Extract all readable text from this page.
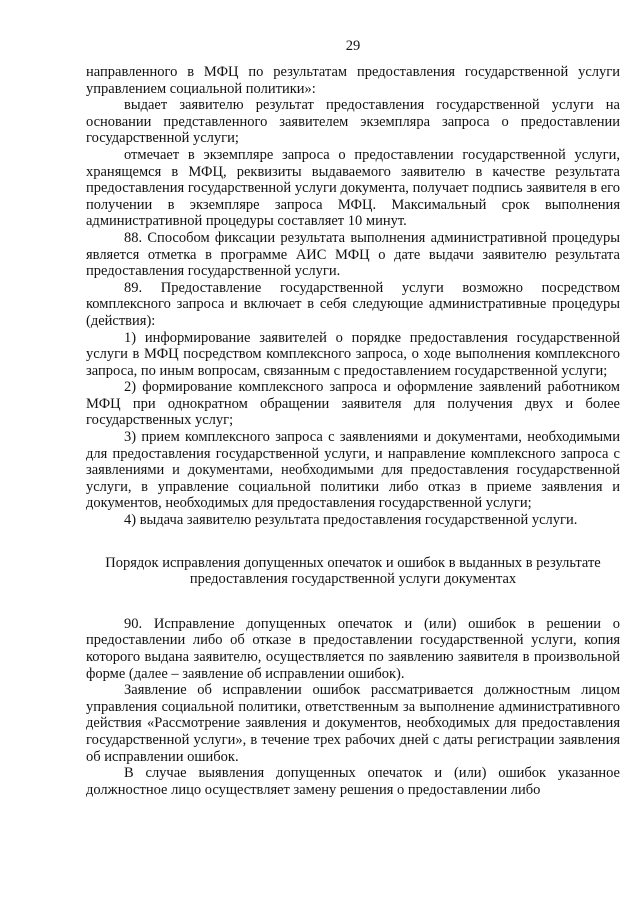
29

направленного в МФЦ по результатам предоставления государственной услуги управлением социальной политики»:

выдает заявителю результат предоставления государственной услуги на основании представленного заявителем экземпляра запроса о предоставлении государственной услуги;

отмечает в экземпляре запроса о предоставлении государственной услуги, хранящемся в МФЦ, реквизиты выдаваемого заявителю в качестве результата предоставления государственной услуги документа, получает подпись заявителя в его получении в экземпляре запроса МФЦ. Максимальный срок выполнения административной процедуры составляет 10 минут.

88. Способом фиксации результата выполнения административной процедуры является отметка в программе АИС МФЦ о дате выдачи заявителю результата предоставления государственной услуги.

89. Предоставление государственной услуги возможно посредством комплексного запроса и включает в себя следующие административные процедуры (действия):

1) информирование заявителей о порядке предоставления государственной услуги в МФЦ посредством комплексного запроса, о ходе выполнения комплексного запроса, по иным вопросам, связанным с предоставлением государственной услуги;

2) формирование комплексного запроса и оформление заявлений работником МФЦ при однократном обращении заявителя для получения двух и более государственных услуг;

3) прием комплексного запроса с заявлениями и документами, необходимыми для предоставления государственной услуги, и направление комплексного запроса с заявлениями и документами, необходимыми для предоставления государственной услуги, в управление социальной политики либо отказ в приеме заявления и документов, необходимых для предоставления государственной услуги;

4) выдача заявителю результата предоставления государственной услуги.

Порядок исправления допущенных опечаток и ошибок в выданных в результате предоставления государственной услуги документах

90. Исправление допущенных опечаток и (или) ошибок в решении о предоставлении либо об отказе в предоставлении государственной услуги, копия которого выдана заявителю, осуществляется по заявлению заявителя в произвольной форме (далее – заявление об исправлении ошибок).

Заявление об исправлении ошибок рассматривается должностным лицом управления социальной политики, ответственным за выполнение административного действия «Рассмотрение заявления и документов, необходимых для предоставления государственной услуги», в течение трех рабочих дней с даты регистрации заявления об исправлении ошибок.

В случае выявления допущенных опечаток и (или) ошибок указанное должностное лицо осуществляет замену решения о предоставлении либо
